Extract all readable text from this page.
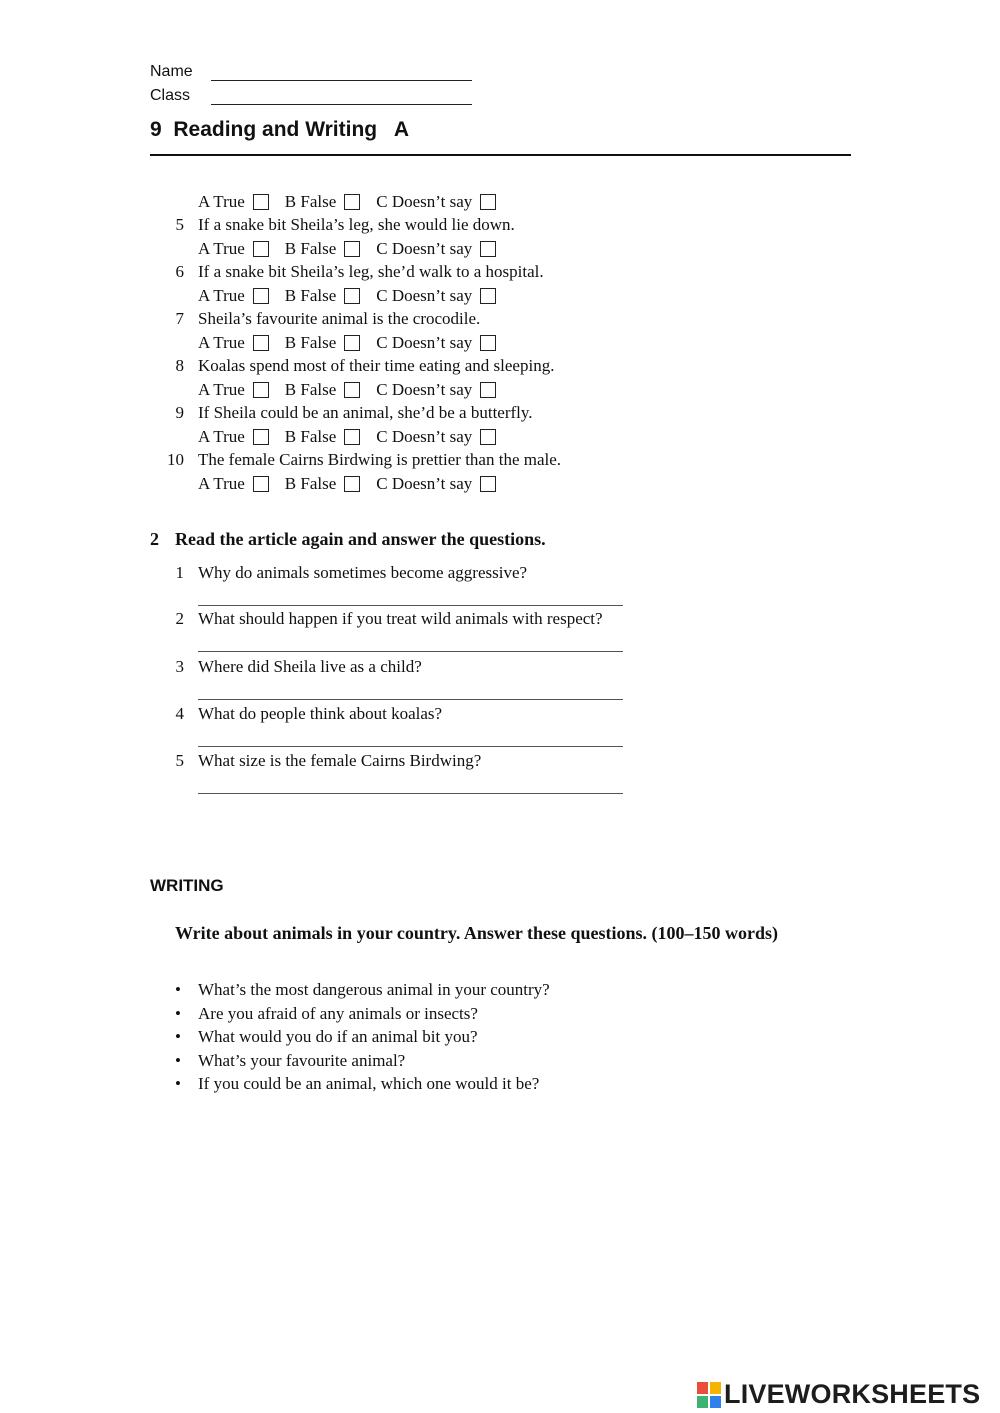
Name
Class
9  Reading and Writing   A
A True B False C Doesn’t say
5 If a snake bit Sheila’s leg, she would lie down.
A True B False C Doesn’t say
6 If a snake bit Sheila’s leg, she’d walk to a hospital.
A True B False C Doesn’t say
7 Sheila’s favourite animal is the crocodile.
A True B False C Doesn’t say
8 Koalas spend most of their time eating and sleeping.
A True B False C Doesn’t say
9 If Sheila could be an animal, she’d be a butterfly.
A True B False C Doesn’t say
10 The female Cairns Birdwing is prettier than the male.
A True B False C Doesn’t say
2 Read the article again and answer the questions.
1 Why do animals sometimes become aggressive?
2 What should happen if you treat wild animals with respect?
3 Where did Sheila live as a child?
4 What do people think about koalas?
5 What size is the female Cairns Birdwing?
WRITING
Write about animals in your country. Answer these questions. (100–150 words)
• What’s the most dangerous animal in your country?
• Are you afraid of any animals or insects?
• What would you do if an animal bit you?
• What’s your favourite animal?
• If you could be an animal, which one would it be?
LIVEWORKSHEETS
